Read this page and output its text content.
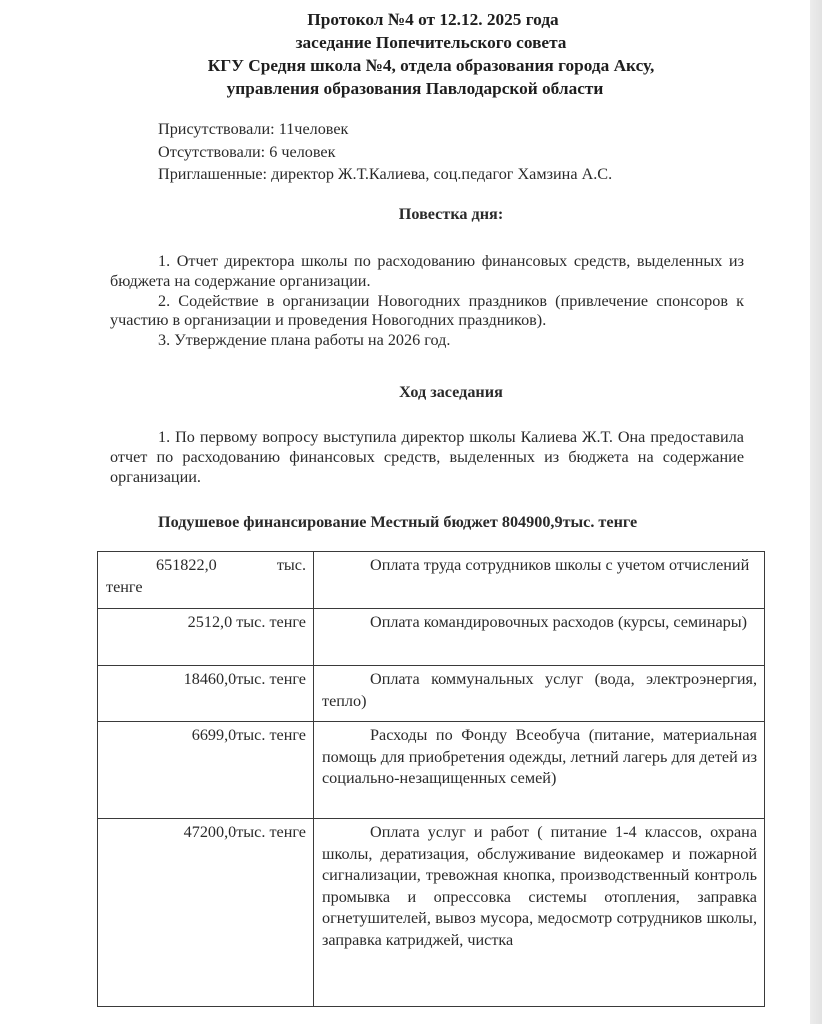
Протокол №4 от 12.12. 2025 года
заседание Попечительского совета
КГУ Средня школа №4, отдела образования города Аксу,
управления образования Павлодарской области
Присутствовали: 11человек
Отсутствовали: 6 человек
Приглашенные: директор Ж.Т.Калиева, соц.педагог Хамзина А.С.
Повестка дня:

1. Отчет директора школы по расходованию финансовых средств, выделенных из бюджета на содержание организации.

2. Содействие в организации Новогодних праздников (привлечение спонсоров к участию в организации и проведения Новогодних праздников).

3. Утверждение плана работы на 2026 год.

Ход заседания

1. По первому вопросу выступила директор школы Калиева Ж.Т. Она предоставила отчет по расходованию финансовых средств, выделенных из бюджета на содержание организации.

Подушевое финансирование Местный бюджет 804900,9тыс. тенге
651822,0 тыс.
тенге	Оплата труда сотрудников школы с учетом отчислений

2512,0 тыс. тенге	Оплата командировочных расходов (курсы, семинары)

18460,0тыс. тенге	Оплата коммунальных услуг (вода, электроэнергия, тепло)

6699,0тыс. тенге	Расходы по Фонду Всеобуча (питание, материальная помощь для приобретения одежды, летний лагерь для детей из социально-незащищенных семей)

47200,0тыс. тенге	Оплата услуг и работ ( питание 1-4 классов, охрана школы, дератизация, обслуживание видеокамер и пожарной сигнализации, тревожная кнопка, производственный контроль промывка и опрессовка системы отопления, заправка огнетушителей, вывоз мусора, медосмотр сотрудников школы, заправка катриджей, чистка
